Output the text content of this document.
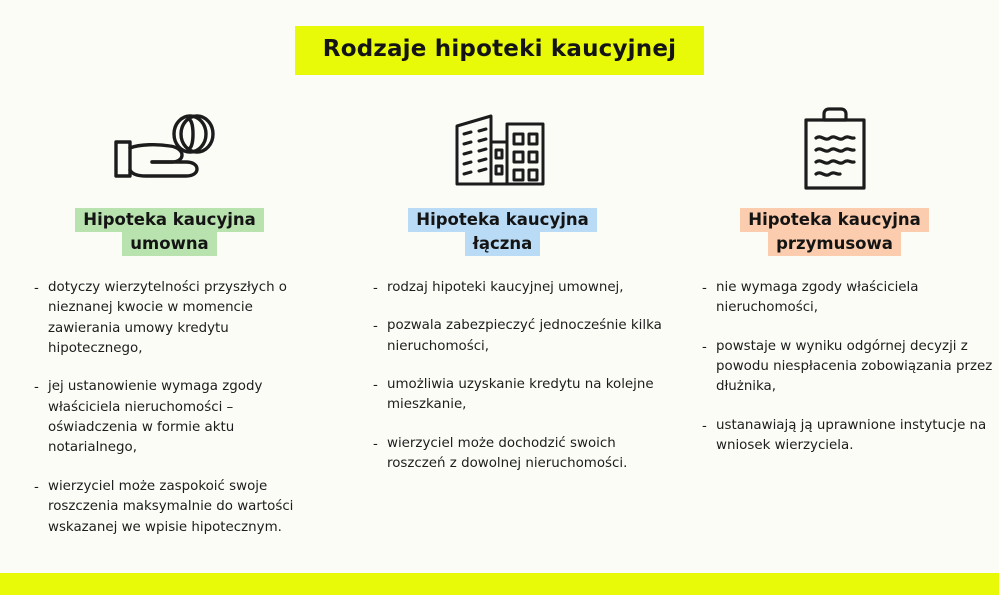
Rodzaje hipoteki kaucyjnej
Hipoteka kaucyjna
umowna
- dotyczy wierzytelności przyszłych o nieznanej kwocie w momencie zawierania umowy kredytu hipotecznego,
- jej ustanowienie wymaga zgody właściciela nieruchomości – oświadczenia w formie aktu notarialnego,
- wierzyciel może zaspokoić swoje roszczenia maksymalnie do wartości wskazanej we wpisie hipotecznym.
Hipoteka kaucyjna
łączna
- rodzaj hipoteki kaucyjnej umownej,
- pozwala zabezpieczyć jednocześnie kilka nieruchomości,
- umożliwia uzyskanie kredytu na kolejne mieszkanie,
- wierzyciel może dochodzić swoich roszczeń z dowolnej nieruchomości.
Hipoteka kaucyjna
przymusowa
- nie wymaga zgody właściciela nieruchomości,
- powstaje w wyniku odgórnej decyzji z powodu niespłacenia zobowiązania przez dłużnika,
- ustanawiają ją uprawnione instytucje na wniosek wierzyciela.
